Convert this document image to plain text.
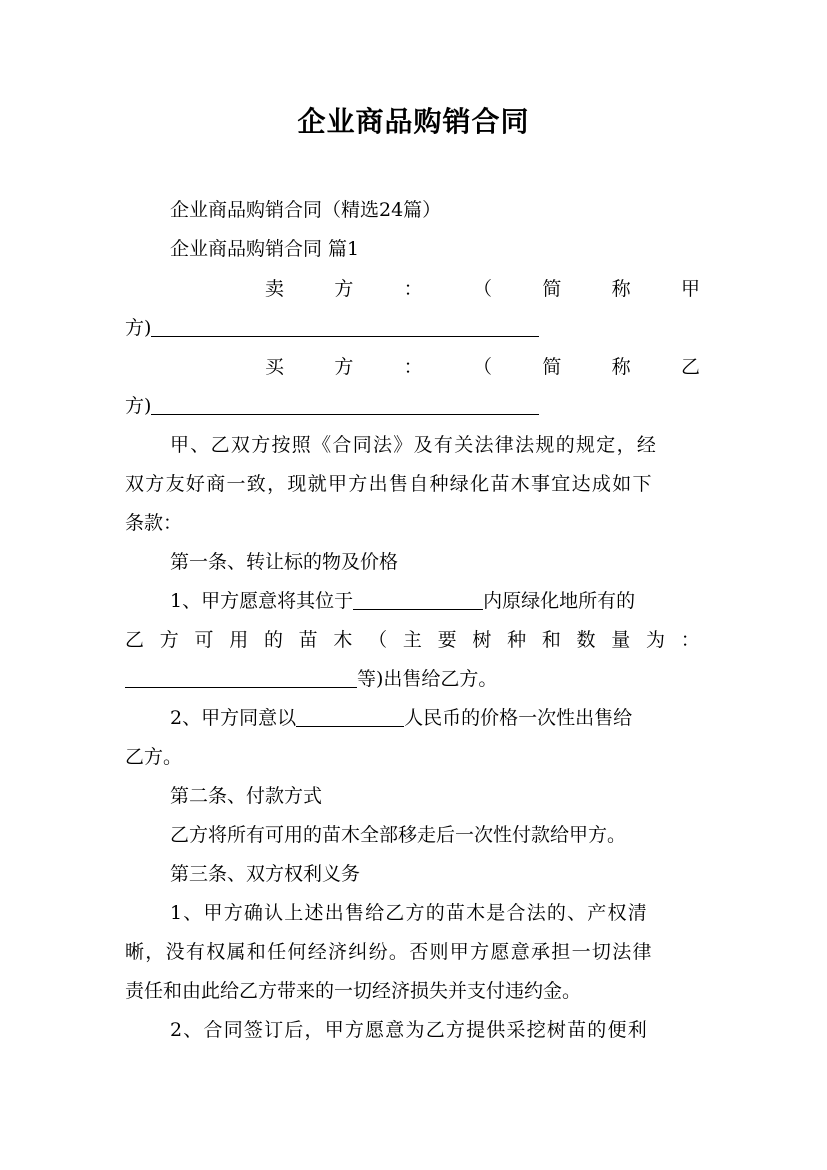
企业商品购销合同
企业商品购销合同（精选24篇）
企业商品购销合同 篇1
卖	方	：	（	简	称	甲
方)
买	方	：	（	简	称	乙
方)
甲、乙双方按照《合同法》及有关法律法规的规定，经
双方友好商一致，现就甲方出售自种绿化苗木事宜达成如下
条款：
第一条、转让标的物及价格
1、甲方愿意将其位于	内原绿化地所有的
乙 方 可 用 的 苗 木 （ 主 要 树 种 和 数 量 为 ：
等)出售给乙方。
2、甲方同意以	人民币的价格一次性出售给
乙方。
第二条、付款方式
乙方将所有可用的苗木全部移走后一次性付款给甲方。
第三条、双方权利义务
1、甲方确认上述出售给乙方的苗木是合法的、产权清
晰，没有权属和任何经济纠纷。否则甲方愿意承担一切法律
责任和由此给乙方带来的一切经济损失并支付违约金。
2、合同签订后，甲方愿意为乙方提供采挖树苗的便利
